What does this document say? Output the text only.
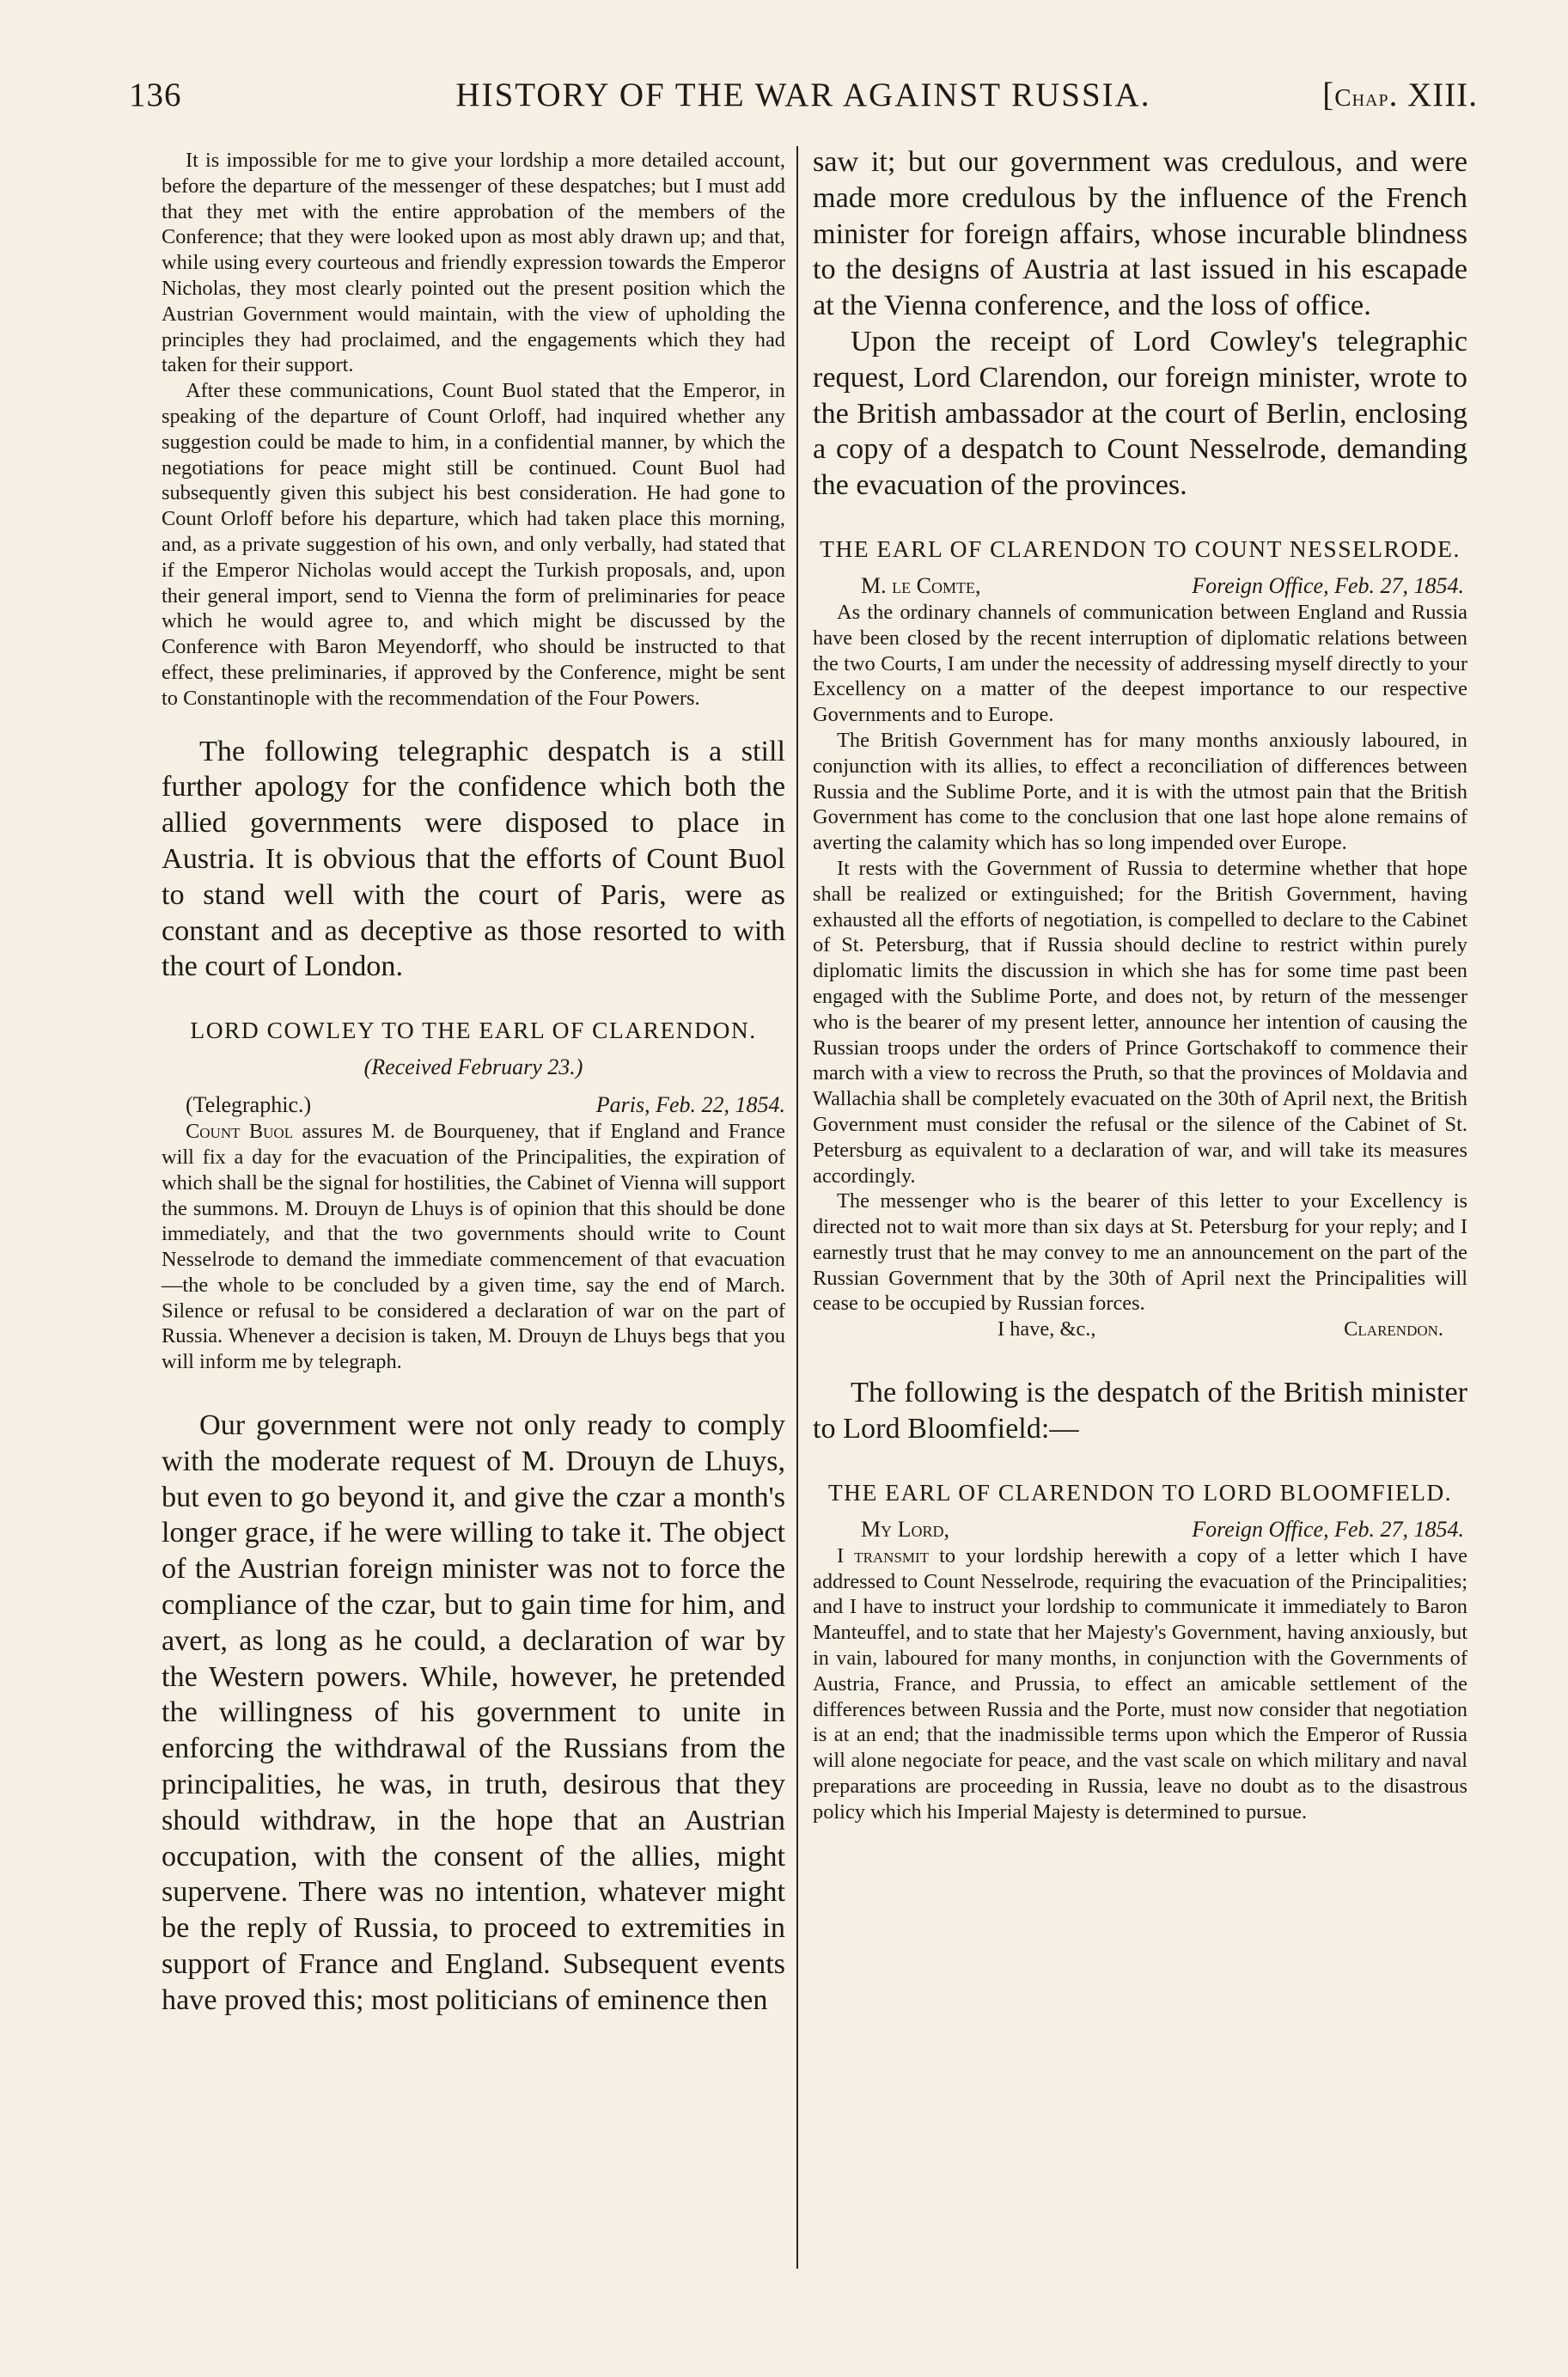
136	HISTORY OF THE WAR AGAINST RUSSIA.	[Chap. XIII.

It is impossible for me to give your lordship a more detailed account, before the departure of the messenger of these despatches; but I must add that they met with the entire approbation of the members of the Conference; that they were looked upon as most ably drawn up; and that, while using every courteous and friendly expression towards the Emperor Nicholas, they most clearly pointed out the present position which the Austrian Government would maintain, with the view of upholding the principles they had proclaimed, and the engagements which they had taken for their support.

After these communications, Count Buol stated that the Emperor, in speaking of the departure of Count Orloff, had inquired whether any suggestion could be made to him, in a confidential manner, by which the negotiations for peace might still be continued. Count Buol had subsequently given this subject his best consideration. He had gone to Count Orloff before his departure, which had taken place this morning, and, as a private suggestion of his own, and only verbally, had stated that if the Emperor Nicholas would accept the Turkish proposals, and, upon their general import, send to Vienna the form of preliminaries for peace which he would agree to, and which might be discussed by the Conference with Baron Meyendorff, who should be instructed to that effect, these preliminaries, if approved by the Conference, might be sent to Constantinople with the recommendation of the Four Powers.

The following telegraphic despatch is a still further apology for the confidence which both the allied governments were disposed to place in Austria. It is obvious that the efforts of Count Buol to stand well with the court of Paris, were as constant and as deceptive as those resorted to with the court of London.

LORD COWLEY TO THE EARL OF CLARENDON.
(Received February 23.)
(Telegraphic.)	Paris, Feb. 22, 1854.

Count Buol assures M. de Bourqueney, that if England and France will fix a day for the evacuation of the Principalities, the expiration of which shall be the signal for hostilities, the Cabinet of Vienna will support the summons. M. Drouyn de Lhuys is of opinion that this should be done immediately, and that the two governments should write to Count Nesselrode to demand the immediate commencement of that evacuation—the whole to be concluded by a given time, say the end of March. Silence or refusal to be considered a declaration of war on the part of Russia. Whenever a decision is taken, M. Drouyn de Lhuys begs that you will inform me by telegraph.

Our government were not only ready to comply with the moderate request of M. Drouyn de Lhuys, but even to go beyond it, and give the czar a month's longer grace, if he were willing to take it. The object of the Austrian foreign minister was not to force the compliance of the czar, but to gain time for him, and avert, as long as he could, a declaration of war by the Western powers. While, however, he pretended the willingness of his government to unite in enforcing the withdrawal of the Russians from the principalities, he was, in truth, desirous that they should withdraw, in the hope that an Austrian occupation, with the consent of the allies, might supervene. There was no intention, whatever might be the reply of Russia, to proceed to extremities in support of France and England. Subsequent events have proved this; most politicians of eminence then

saw it; but our government was credulous, and were made more credulous by the influence of the French minister for foreign affairs, whose incurable blindness to the designs of Austria at last issued in his escapade at the Vienna conference, and the loss of office.

Upon the receipt of Lord Cowley's telegraphic request, Lord Clarendon, our foreign minister, wrote to the British ambassador at the court of Berlin, enclosing a copy of a despatch to Count Nesselrode, demanding the evacuation of the provinces.

THE EARL OF CLARENDON TO COUNT NESSELRODE.
M. le Comte,	Foreign Office, Feb. 27, 1854.

As the ordinary channels of communication between England and Russia have been closed by the recent interruption of diplomatic relations between the two Courts, I am under the necessity of addressing myself directly to your Excellency on a matter of the deepest importance to our respective Governments and to Europe.

The British Government has for many months anxiously laboured, in conjunction with its allies, to effect a reconciliation of differences between Russia and the Sublime Porte, and it is with the utmost pain that the British Government has come to the conclusion that one last hope alone remains of averting the calamity which has so long impended over Europe.

It rests with the Government of Russia to determine whether that hope shall be realized or extinguished; for the British Government, having exhausted all the efforts of negotiation, is compelled to declare to the Cabinet of St. Petersburg, that if Russia should decline to restrict within purely diplomatic limits the discussion in which she has for some time past been engaged with the Sublime Porte, and does not, by return of the messenger who is the bearer of my present letter, announce her intention of causing the Russian troops under the orders of Prince Gortschakoff to commence their march with a view to recross the Pruth, so that the provinces of Moldavia and Wallachia shall be completely evacuated on the 30th of April next, the British Government must consider the refusal or the silence of the Cabinet of St. Petersburg as equivalent to a declaration of war, and will take its measures accordingly.

The messenger who is the bearer of this letter to your Excellency is directed not to wait more than six days at St. Petersburg for your reply; and I earnestly trust that he may convey to me an announcement on the part of the Russian Government that by the 30th of April next the Principalities will cease to be occupied by Russian forces.

I have, &c.,	Clarendon.

The following is the despatch of the British minister to Lord Bloomfield:—

THE EARL OF CLARENDON TO LORD BLOOMFIELD.
My Lord,	Foreign Office, Feb. 27, 1854.

I transmit to your lordship herewith a copy of a letter which I have addressed to Count Nesselrode, requiring the evacuation of the Principalities; and I have to instruct your lordship to communicate it immediately to Baron Manteuffel, and to state that her Majesty's Government, having anxiously, but in vain, laboured for many months, in conjunction with the Governments of Austria, France, and Prussia, to effect an amicable settlement of the differences between Russia and the Porte, must now consider that negotiation is at an end; that the inadmissible terms upon which the Emperor of Russia will alone negociate for peace, and the vast scale on which military and naval preparations are proceeding in Russia, leave no doubt as to the disastrous policy which his Imperial Majesty is determined to pursue.
